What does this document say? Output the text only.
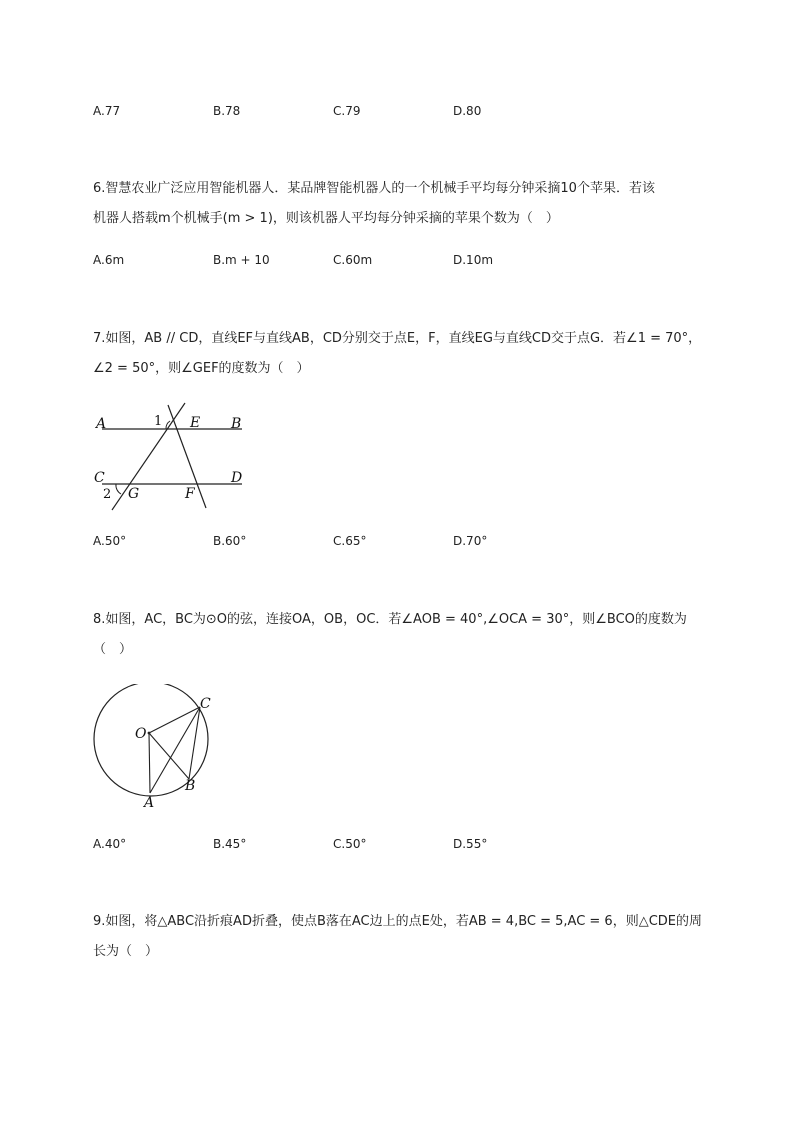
A.77	B.78	C.79	D.80
6.智慧农业广泛应用智能机器人．某品牌智能机器人的一个机械手平均每分钟采摘10个苹果．若该
机器人搭载m个机械手(m > 1)，则该机器人平均每分钟采摘的苹果个数为（　）
A.6m	B.m + 10	C.60m	D.10m
7.如图，AB // CD，直线EF与直线AB，CD分别交于点E，F，直线EG与直线CD交于点G．若∠1 = 70°，
∠2 = 50°，则∠GEF的度数为（　）
A	B
C	D
E
F
G
1
2
A.50°	B.60°	C.65°	D.70°
8.如图，AC，BC为⊙O的弦，连接OA，OB，OC．若∠AOB = 40°,∠OCA = 30°，则∠BCO的度数为
（　）
O
A
B
C
A.40°	B.45°	C.50°	D.55°
9.如图，将△ABC沿折痕AD折叠，使点B落在AC边上的点E处，若AB = 4,BC = 5,AC = 6，则△CDE的周
长为（　）
